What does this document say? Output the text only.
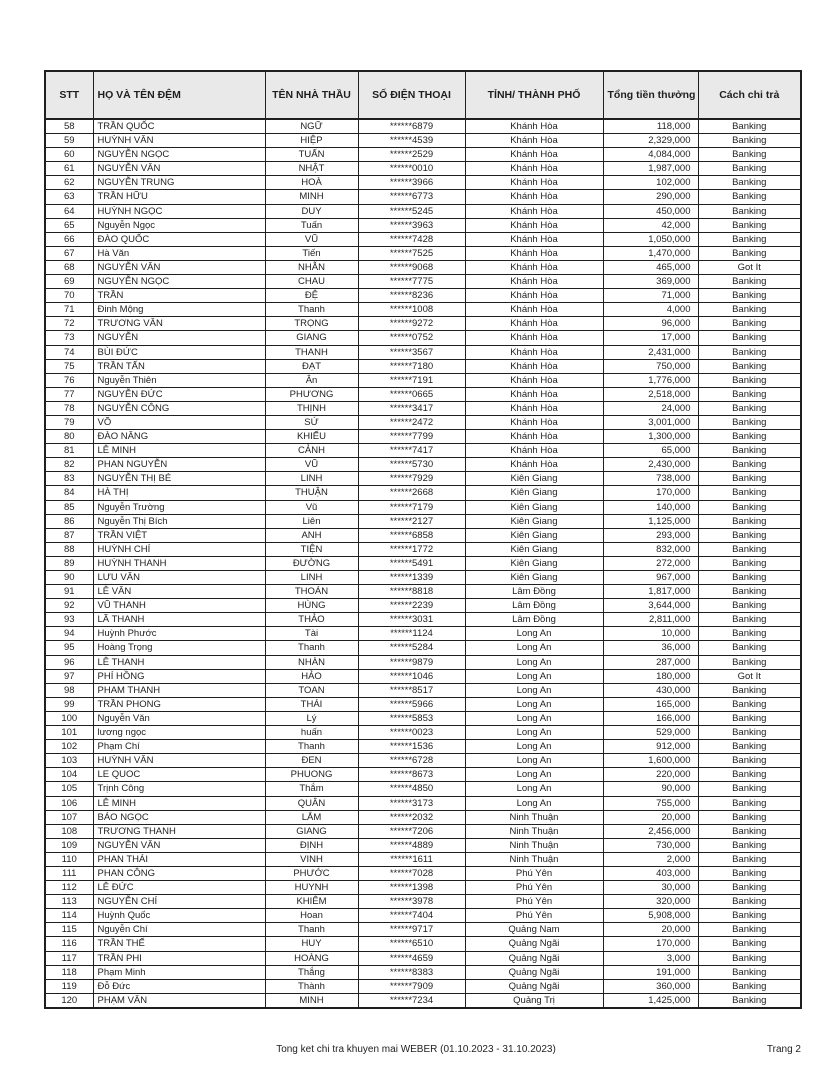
STT	HỌ VÀ TÊN ĐỆM	TÊN NHÀ THẦU	SỐ ĐIỆN THOẠI	TỈNH/ THÀNH PHỐ	Tổng tiền thưởng	Cách chi trả
58	TRẦN QUỐC	NGỮ	******6879	Khánh Hòa	118,000	Banking
59	HUỲNH VĂN	HIỆP	******4539	Khánh Hòa	2,329,000	Banking
60	NGUYỄN NGỌC	TUẤN	******2529	Khánh Hòa	4,084,000	Banking
61	NGUYỄN VĂN	NHẬT	******0010	Khánh Hòa	1,987,000	Banking
62	NGUYỄN TRUNG	HOÀ	******3966	Khánh Hòa	102,000	Banking
63	TRẦN HỮU	MINH	******6773	Khánh Hòa	290,000	Banking
64	HUỲNH NGỌC	DUY	******5245	Khánh Hòa	450,000	Banking
65	Nguyễn Ngọc	Tuấn	******3963	Khánh Hòa	42,000	Banking
66	ĐÀO QUỐC	VŨ	******7428	Khánh Hòa	1,050,000	Banking
67	Hà Văn	Tiến	******7525	Khánh Hòa	1,470,000	Banking
68	NGUYỄN VĂN	NHẪN	******9068	Khánh Hòa	465,000	Got It
69	NGUYỄN NGỌC	CHAU	******7775	Khánh Hòa	369,000	Banking
70	TRẦN	ĐỆ	******8236	Khánh Hòa	71,000	Banking
71	Đinh Mộng	Thanh	******1008	Khánh Hòa	4,000	Banking
72	TRƯƠNG VĂN	TRỌNG	******9272	Khánh Hòa	96,000	Banking
73	NGUYỄN	GIANG	******0752	Khánh Hòa	17,000	Banking
74	BÙI ĐỨC	THANH	******3567	Khánh Hòa	2,431,000	Banking
75	TRẦN TẤN	ĐẠT	******7180	Khánh Hòa	750,000	Banking
76	Nguyễn Thiên	Ân	******7191	Khánh Hòa	1,776,000	Banking
77	NGUYỄN ĐỨC	PHƯƠNG	******0665	Khánh Hòa	2,518,000	Banking
78	NGUYỄN CÔNG	THỊNH	******3417	Khánh Hòa	24,000	Banking
79	VÕ	SỨ	******2472	Khánh Hòa	3,001,000	Banking
80	ĐÀO NĂNG	KHIẾU	******7799	Khánh Hòa	1,300,000	Banking
81	LÊ MINH	CẢNH	******7417	Khánh Hòa	65,000	Banking
82	PHAN NGUYỄN	VŨ	******5730	Khánh Hòa	2,430,000	Banking
83	NGUYỄN THỊ BÉ	LINH	******7929	Kiên Giang	738,000	Banking
84	HÀ THỊ	THUẬN	******2668	Kiên Giang	170,000	Banking
85	Nguyễn Trường	Vũ	******7179	Kiên Giang	140,000	Banking
86	Nguyễn Thị Bích	Liên	******2127	Kiên Giang	1,125,000	Banking
87	TRẦN VIỆT	ANH	******6858	Kiên Giang	293,000	Banking
88	HUỲNH CHÍ	TIỆN	******1772	Kiên Giang	832,000	Banking
89	HUỲNH THANH	ĐƯỜNG	******5491	Kiên Giang	272,000	Banking
90	LƯU VĂN	LINH	******1339	Kiên Giang	967,000	Banking
91	LÊ VĂN	THOÁN	******8818	Lâm Đồng	1,817,000	Banking
92	VŨ THANH	HÙNG	******2239	Lâm Đồng	3,644,000	Banking
93	LÃ THANH	THẢO	******3031	Lâm Đồng	2,811,000	Banking
94	Huỳnh Phước	Tài	******1124	Long An	10,000	Banking
95	Hoàng Trọng	Thanh	******5284	Long An	36,000	Banking
96	LÊ THANH	NHÀN	******9879	Long An	287,000	Banking
97	PHÍ HỒNG	HẢO	******1046	Long An	180,000	Got It
98	PHAM THANH	TOAN	******8517	Long An	430,000	Banking
99	TRẦN PHONG	THÁI	******5966	Long An	165,000	Banking
100	Nguyễn Văn	Lý	******5853	Long An	166,000	Banking
101	lương ngọc	huấn	******0023	Long An	529,000	Banking
102	Phạm Chí	Thanh	******1536	Long An	912,000	Banking
103	HUỲNH VĂN	ĐEN	******6728	Long An	1,600,000	Banking
104	LE QUOC	PHUONG	******8673	Long An	220,000	Banking
105	Trịnh Công	Thắm	******4850	Long An	90,000	Banking
106	LÊ MINH	QUÂN	******3173	Long An	755,000	Banking
107	BÁO NGỌC	LẮM	******2032	Ninh Thuận	20,000	Banking
108	TRƯƠNG THANH	GIANG	******7206	Ninh Thuận	2,456,000	Banking
109	NGUYỄN VĂN	ĐỊNH	******4889	Ninh Thuận	730,000	Banking
110	PHAN THÁI	VINH	******1611	Ninh Thuận	2,000	Banking
111	PHAN CÔNG	PHƯỚC	******7028	Phú Yên	403,000	Banking
112	LÊ ĐỨC	HUYNH	******1398	Phú Yên	30,000	Banking
113	NGUYỄN CHÍ	KHIÊM	******3978	Phú Yên	320,000	Banking
114	Huỳnh Quốc	Hoan	******7404	Phú Yên	5,908,000	Banking
115	Nguyễn Chí	Thanh	******9717	Quảng Nam	20,000	Banking
116	TRẦN THẾ	HUY	******6510	Quảng Ngãi	170,000	Banking
117	TRẦN PHI	HOÀNG	******4659	Quảng Ngãi	3,000	Banking
118	Phạm Minh	Thắng	******8383	Quảng Ngãi	191,000	Banking
119	Đỗ Đức	Thành	******7909	Quảng Ngãi	360,000	Banking
120	PHẠM VĂN	MINH	******7234	Quảng Trị	1,425,000	Banking
Tong ket chi tra khuyen mai WEBER (01.10.2023 - 31.10.2023)	Trang 2
